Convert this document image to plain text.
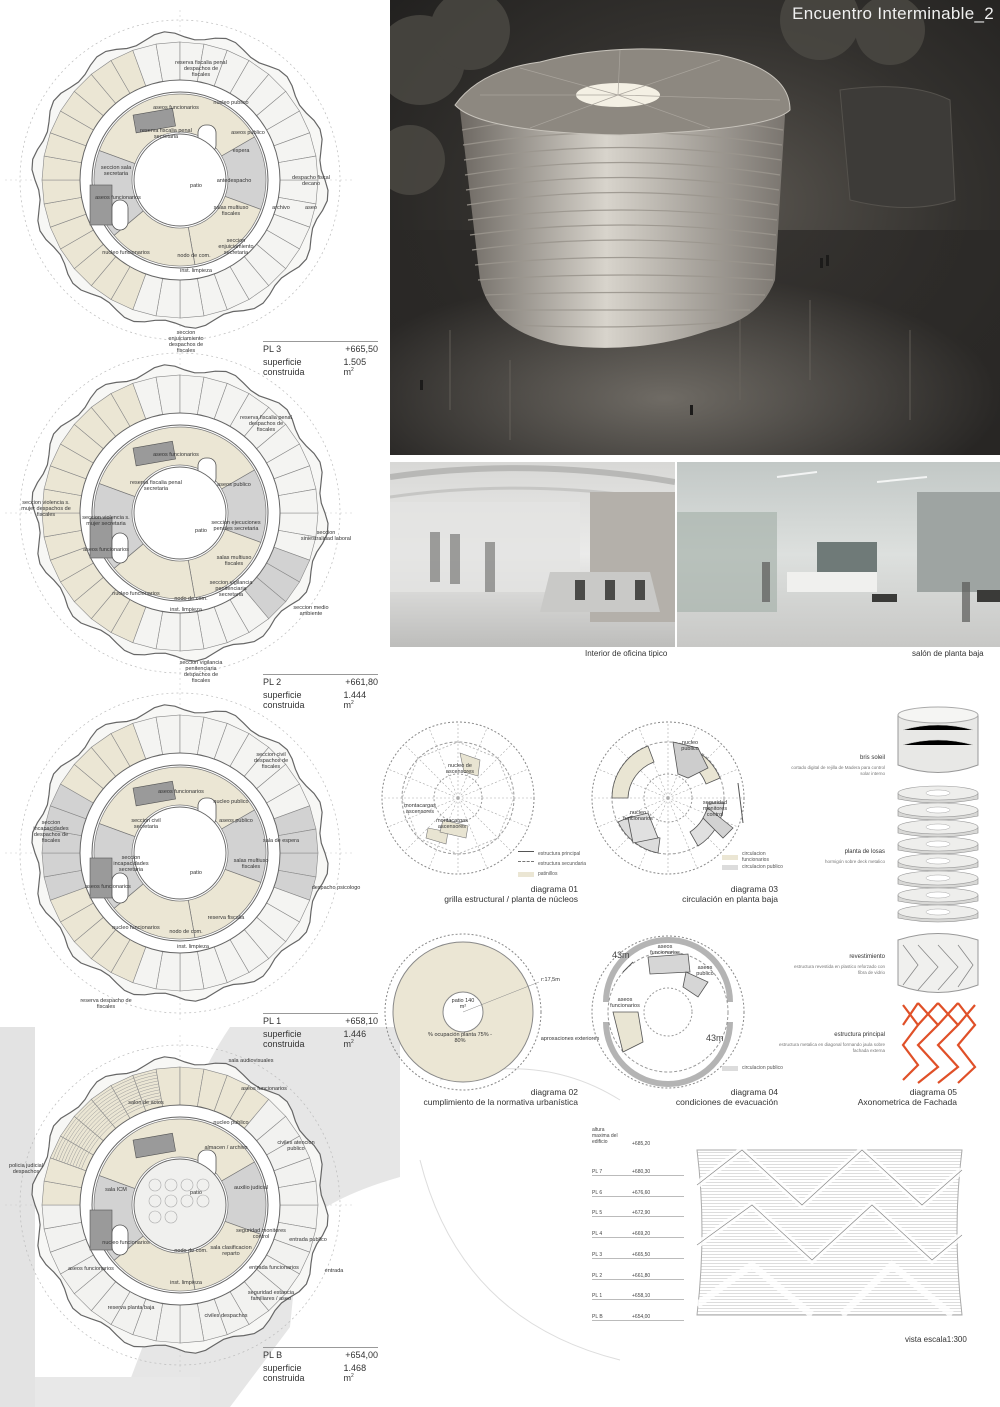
Encuentro Interminable_2
Interior de oficina tipico	salón de planta baja
PL 3	+665,50
superficie construida
1.505 $m^2$
PL 2	+661,80
superficie construida
1.444 $m^2$
PL 1	+658,10
superficie construida
1.446 $m^2$
PL B	+654,00
superficie construida
1.468 $m^2$
reserva fiscalia penal despachos de fiscales
aseos funcionarios
nucleo publico
aseos publico
reserva fiscalia penal secretaria
seccion sala secretaria
espera
despacho fiscal decano
antedespacho
patio
aseos funcionarios
salas multiuso fiscales
aseo
archivo
seccion enjuiciamiento secretaria
nucleo funcionarios	nodo de com.
inst. limpieza
seccion enjuiciamiento despachos de fiscales
reserva fiscalia penal despachos de fiscales
aseos funcionarios
aseos publico
reserva fiscalia penal secretaria
seccion violencia s. mujer despachos de fiscales	seccion violencia s. mujer secretaria	seccion ejecuciones penales secretaria
patio	seccion siniestralidad laboral
aseos funcionarios
salas multiuso fiscales
seccion vigilancia penitenciaria secretaria
nucleo funcionarios
nodo de com.
inst. limpieza	seccion medio ambiente
seccion vigilancia penitenciaria despachos de fiscales
seccion civil despachos de fiscales
aseos funcionarios
nucleo publico
seccion incapacidades despachos de fiscales
seccion civil secretaria
aseos publico
sala de espera
seccion incapacidades secretaria
salas multiuso fiscales
patio
despacho psicologo
aseos funcionarios
reserva fiscalia
nucleo funcionarios
nodo de com.
inst. limpieza
reserva despacho de fiscales
sala audiovisuales
aseos funcionarios
salon de actos
nucleo publico
almacen / archivo
civiles atencion publico
policia judicial despachos
sala ICM	patio
auxilio judicial
nucleo funcionarios
seguridad monitores control	entrada publico
sala clasificacion reparto
nodo de com.
inst. limpieza
entrada
aseos funcionarios	entrada funcionarios
seguridad estancia familiares / aseo
reserva planta baja
civiles despachos
nucleo de ascensores
montacargas ascensores
montacargas ascensores
nucleo publico
nucleo funcionarios
seguridad monitores control
patio 140 m²
% ocupación planta 75% - 80%
r:17,5m
aproxaciones exteriores
aseos funcionarios
aseos funcionarios
aseos publico
43m
43m
estructura principal
estructura secundaria
patinillos
circulacion funcionarios
circulacion publico
circulacion publico
diagrama 01
grilla estructural / planta de núcleos
diagrama 03
circulación en planta baja
diagrama 02
cumplimiento de la normativa urbanística
diagrama 04
condiciones de evacuación
diagrama 05
Axonometrica de Fachada
bris soleil
cortado digital de rejilla de Madera para control solar interno
planta de losas
hormigón sobre deck metalico
revestimiento
estructura revestida en plastico reforzado con fibra de vidrio
estructura principal
estructura metalica en diagonal formando jaula sobre fachada externa
altura maxima del edificio	+685,20
PL 7	+680,30
PL 6	+676,60
PL 5	+672,90
PL 4	+669,20
PL 3	+665,50
PL 2	+661,80
PL 1	+658,10
PL B	+654,00
vista escala1:300
